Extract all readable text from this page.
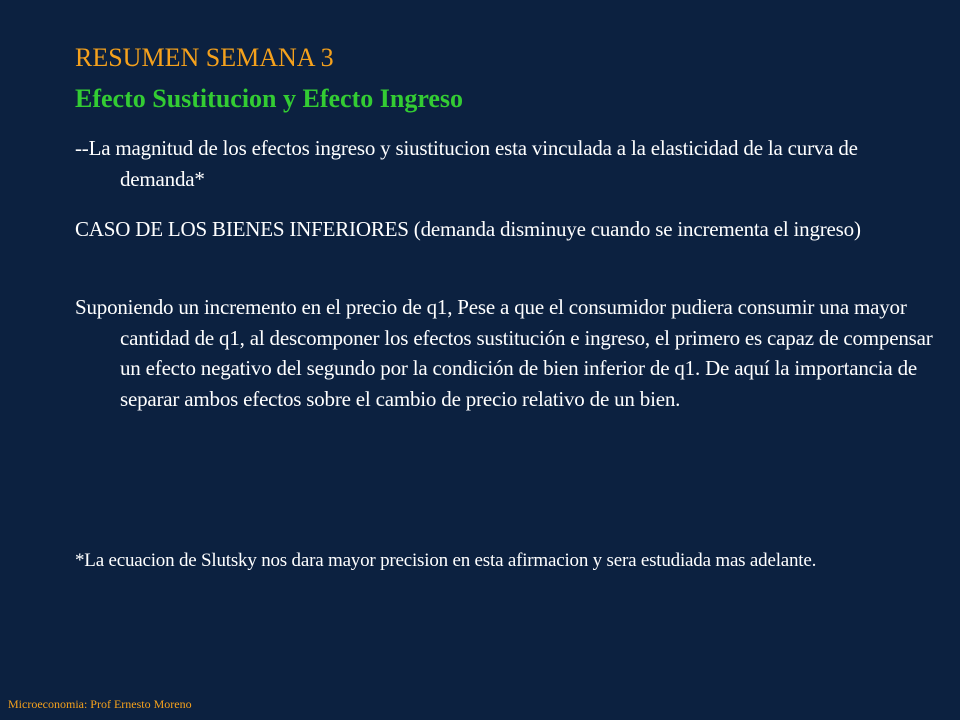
RESUMEN SEMANA 3
Efecto Sustitucion y Efecto Ingreso
--La magnitud de los efectos ingreso y siustitucion esta vinculada a la elasticidad de la curva de demanda*
CASO DE LOS BIENES INFERIORES (demanda disminuye cuando se incrementa el ingreso)
Suponiendo un incremento en el precio de q1, Pese a que el consumidor pudiera consumir una mayor cantidad de q1, al descomponer los efectos sustitución e ingreso, el primero es capaz de compensar un efecto negativo del segundo por la condición de bien inferior de q1. De aquí la importancia de separar ambos efectos sobre el cambio de precio relativo de un bien.
*La ecuacion de Slutsky nos dara mayor precision en esta afirmacion y sera estudiada mas adelante.
Microeconomia: Prof Ernesto Moreno
